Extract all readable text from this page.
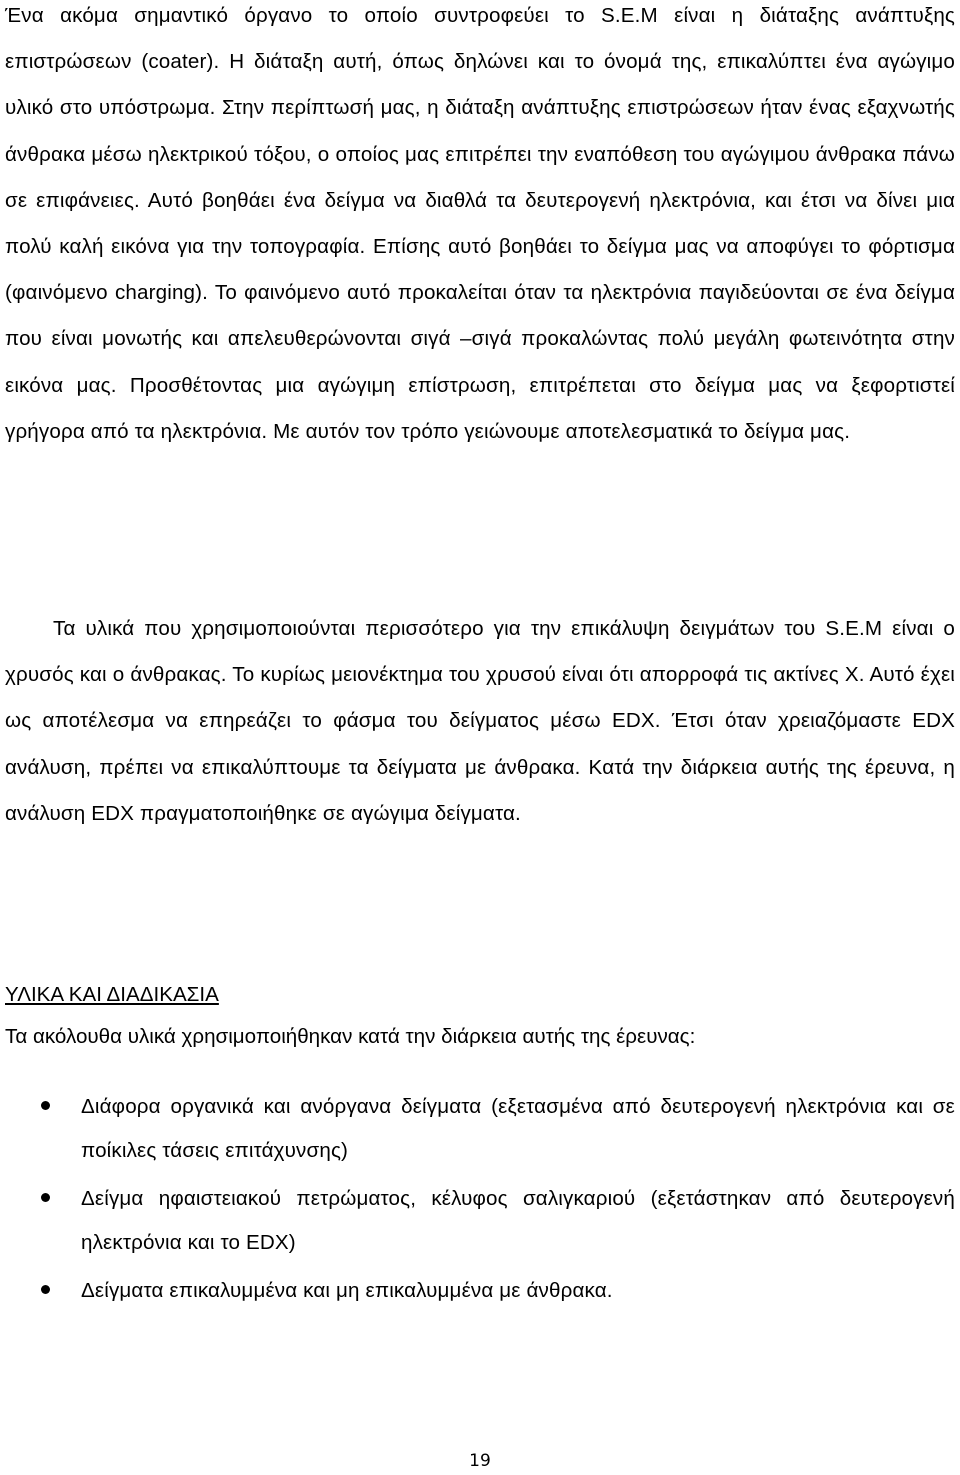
Ένα ακόμα σημαντικό όργανο το οποίο συντροφεύει το S.E.M είναι η διάταξης ανάπτυξης επιστρώσεων (coater). Η διάταξη αυτή, όπως δηλώνει και το όνομά της, επικαλύπτει ένα αγώγιμο υλικό στο υπόστρωμα. Στην περίπτωσή μας, η διάταξη ανάπτυξης επιστρώσεων ήταν ένας εξαχνωτής άνθρακα μέσω ηλεκτρικού τόξου, ο οποίος μας επιτρέπει την εναπόθεση του αγώγιμου άνθρακα πάνω σε επιφάνειες. Αυτό βοηθάει ένα δείγμα να διαθλά τα δευτερογενή ηλεκτρόνια, και έτσι να δίνει μια πολύ καλή εικόνα για την τοπογραφία. Επίσης αυτό βοηθάει το δείγμα μας να αποφύγει το φόρτισμα (φαινόμενο charging). Το φαινόμενο αυτό προκαλείται όταν τα ηλεκτρόνια παγιδεύονται σε ένα δείγμα που είναι μονωτής και απελευθερώνονται σιγά –σιγά προκαλώντας πολύ μεγάλη φωτεινότητα στην εικόνα μας. Προσθέτοντας μια αγώγιμη επίστρωση, επιτρέπεται στο δείγμα μας να ξεφορτιστεί γρήγορα από τα ηλεκτρόνια. Με αυτόν τον τρόπο γειώνουμε αποτελεσματικά το δείγμα μας.

Τα υλικά που χρησιμοποιούνται περισσότερο για την επικάλυψη δειγμάτων του S.E.M είναι ο χρυσός και ο άνθρακας. Το κυρίως μειονέκτημα του χρυσού είναι ότι απορροφά τις ακτίνες Χ. Αυτό έχει ως αποτέλεσμα να επηρεάζει το φάσμα του δείγματος μέσω EDX. Έτσι όταν χρειαζόμαστε EDX ανάλυση, πρέπει να επικαλύπτουμε τα δείγματα με άνθρακα. Κατά την διάρκεια αυτής της έρευνα, η ανάλυση EDX πραγματοποιήθηκε σε αγώγιμα δείγματα.

ΥΛΙΚΑ ΚΑΙ ΔΙΑΔΙΚΑΣΙΑ

Τα ακόλουθα υλικά χρησιμοποιήθηκαν κατά την διάρκεια αυτής της έρευνας:

Διάφορα οργανικά και ανόργανα δείγματα (εξετασμένα από δευτερογενή ηλεκτρόνια και σε ποίκιλες τάσεις επιτάχυνσης)
Δείγμα ηφαιστειακού πετρώματος, κέλυφος σαλιγκαριού (εξετάστηκαν από δευτερογενή ηλεκτρόνια και το EDX)
Δείγματα επικαλυμμένα και μη επικαλυμμένα με άνθρακα.

19
